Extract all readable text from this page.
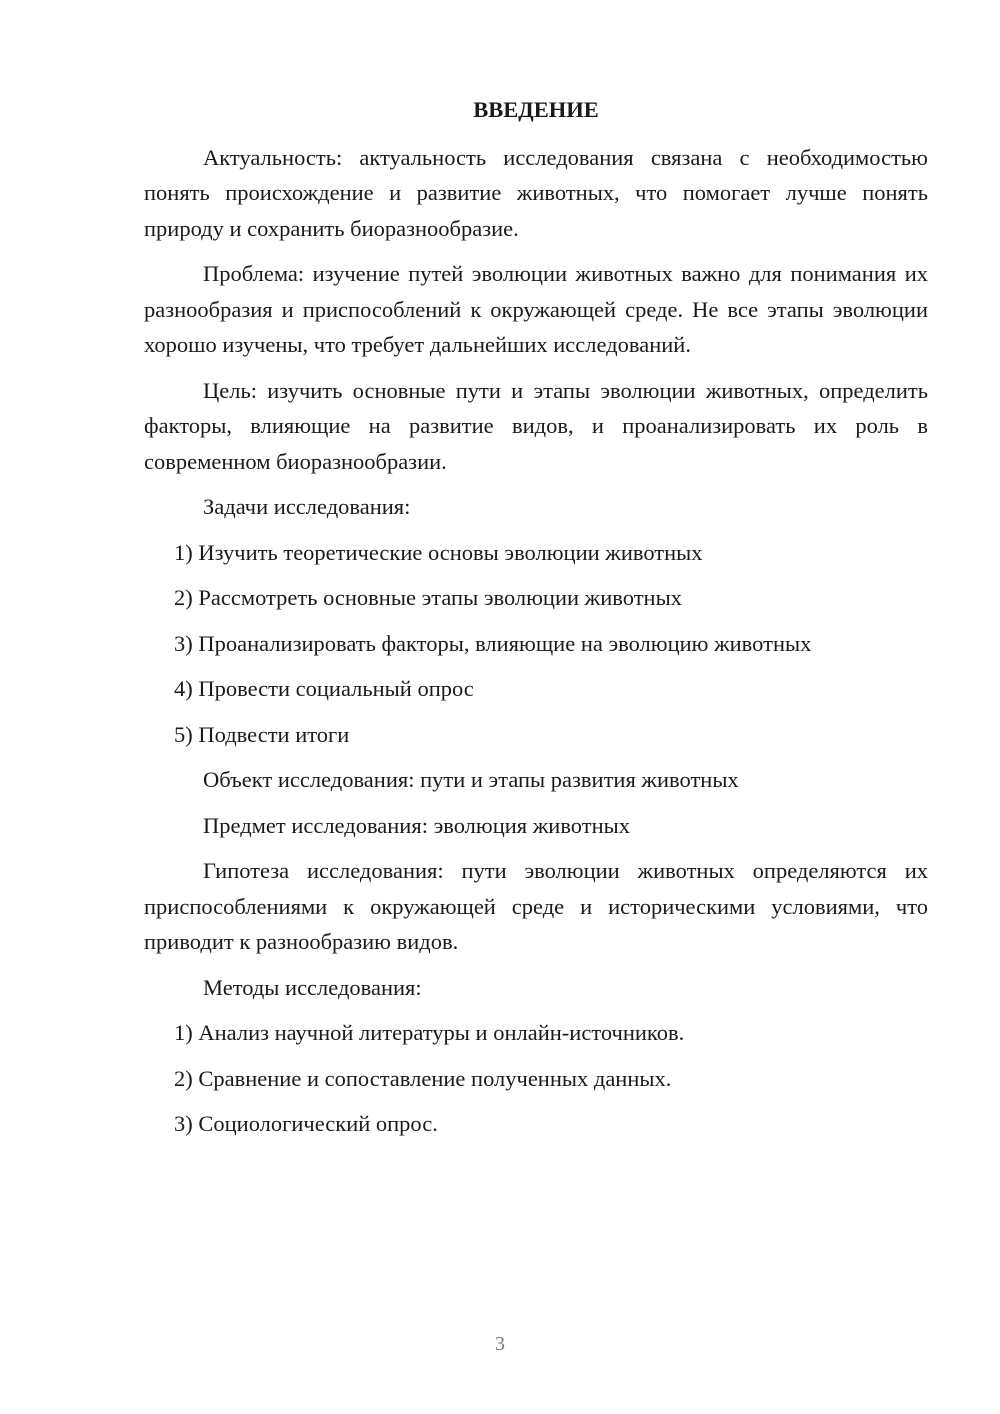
ВВЕДЕНИЕ

Актуальность: актуальность исследования связана с необходимостью понять происхождение и развитие животных, что помогает лучше понять природу и сохранить биоразнообразие.

Проблема: изучение путей эволюции животных важно для понимания их разнообразия и приспособлений к окружающей среде. Не все этапы эволюции хорошо изучены, что требует дальнейших исследований.

Цель: изучить основные пути и этапы эволюции животных, определить факторы, влияющие на развитие видов, и проанализировать их роль в современном биоразнообразии.

Задачи исследования:
1) Изучить теоретические основы эволюции животных
2) Рассмотреть основные этапы эволюции животных
3) Проанализировать факторы, влияющие на эволюцию животных
4) Провести социальный опрос
5) Подвести итоги
Объект исследования: пути и этапы развития животных
Предмет исследования: эволюция животных

Гипотеза исследования: пути эволюции животных определяются их приспособлениями к окружающей среде и историческими условиями, что приводит к разнообразию видов.

Методы исследования:
1) Анализ научной литературы и онлайн-источников.
2) Сравнение и сопоставление полученных данных.
3) Социологический опрос.
3
